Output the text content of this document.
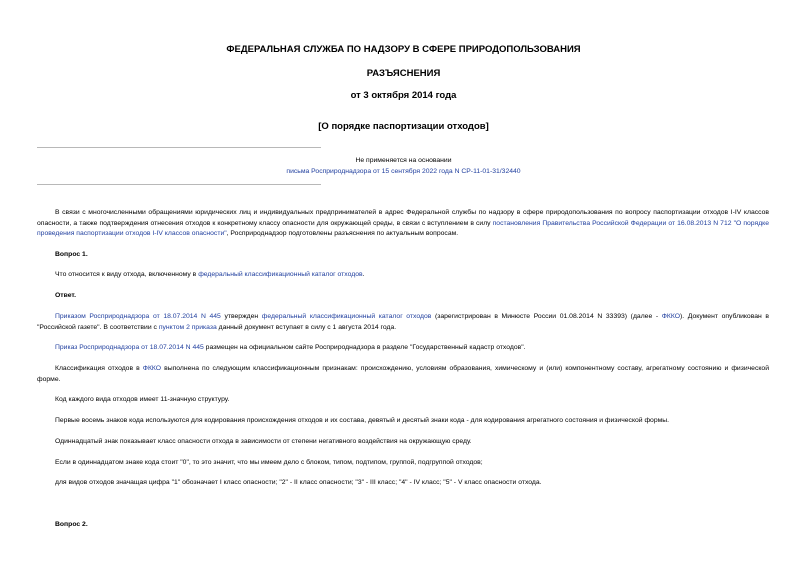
ФЕДЕРАЛЬНАЯ СЛУЖБА ПО НАДЗОРУ В СФЕРЕ ПРИРОДОПОЛЬЗОВАНИЯ
РАЗЪЯСНЕНИЯ
от 3 октября 2014 года
[О порядке паспортизации отходов]
Не применяется на основании
письма Росприроднадзора от 15 сентября 2022 года N СР-11-01-31/32440
В связи с многочисленными обращениями юридических лиц и индивидуальных предпринимателей в адрес Федеральной службы по надзору в сфере природопользования по вопросу паспортизации отходов I-IV классов опасности, а также подтверждения отнесения отходов к конкретному классу опасности для окружающей среды, в связи с вступлением в силу постановления Правительства Российской Федерации от 16.08.2013 N 712 "О порядке проведения паспортизации отходов I-IV классов опасности", Росприроднадзор подготовлены разъяснения по актуальным вопросам.
Вопрос 1.
Что относится к виду отхода, включенному в федеральный классификационный каталог отходов.
Ответ.
Приказом Росприроднадзора от 18.07.2014 N 445 утвержден федеральный классификационный каталог отходов (зарегистрирован в Минюсте России 01.08.2014 N 33393) (далее - ФККО). Документ опубликован в "Российской газете". В соответствии с пунктом 2 приказа данный документ вступает в силу с 1 августа 2014 года.
Приказ Росприроднадзора от 18.07.2014 N 445 размещен на официальном сайте Росприроднадзора в разделе "Государственный кадастр отходов".
Классификация отходов в ФККО выполнена по следующим классификационным признакам: происхождению, условиям образования, химическому и (или) компонентному составу, агрегатному состоянию и физической форме.
Код каждого вида отходов имеет 11-значную структуру.
Первые восемь знаков кода используются для кодирования происхождения отходов и их состава, девятый и десятый знаки кода - для кодирования агрегатного состояния и физической формы.
Одиннадцатый знак показывает класс опасности отхода в зависимости от степени негативного воздействия на окружающую среду.
Если в одиннадцатом знаке кода стоит "0", то это значит, что мы имеем дело с блоком, типом, подтипом, группой, подгруппой отходов;
для видов отходов значащая цифра "1" обозначает I класс опасности; "2" - II класс опасности; "3" - III класс; "4" - IV класс; "5" - V класс опасности отхода.
Вопрос 2.
